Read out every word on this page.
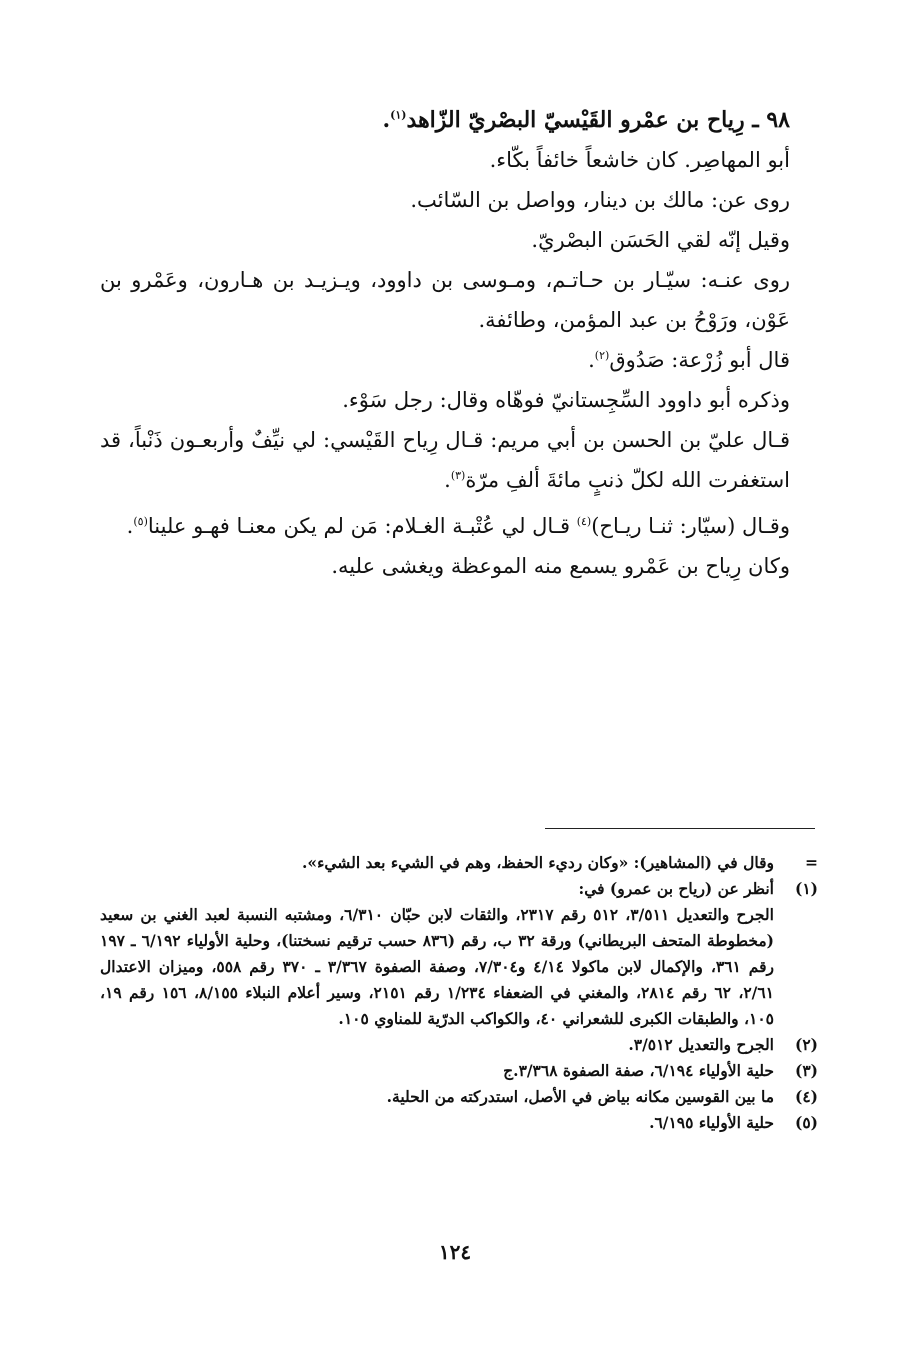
٩٨ ـ رِياح بن عمْرو القَيْسيّ البصْريّ الزّاهد$^{(١)}$.

أبو المهاصِر. كان خاشعاً خائفاً بكّاء.

روى عن: مالك بن دينار، وواصل بن السّائب.

وقيل إنّه لقي الحَسَن البصْريّ.

روى عنـه: سيّـار بن حـاتـم، ومـوسى بن داوود، ويـزيـد بن هـارون، وعَمْرو بن عَوْن، ورَوْحُ بن عبد المؤمن، وطائفة.

قال أبو زُرْعة: صَدُوق$^{(٢)}$.

وذكره أبو داوود السِّجِستانيّ فوهّاه وقال: رجل سَوْء.

قـال عليّ بن الحسن بن أبي مريم: قـال رِياح القَيْسي: لي نيِّفٌ وأربعـون ذَنْباً، قد استغفرت الله لكلّ ذنبٍ مائةَ ألفِ مرّة$^{(٣)}$.

وقـال (سيّار: ثنـا ريـاح)$^{(٤)}$ قـال لي عُتْبـة الغـلام: مَن لم يكن معنـا فهـو علينا$^{(٥)}$.

وكان رِياح بن عَمْرو يسمع منه الموعظة ويغشى عليه.

=
وقال في (المشاهير): «وكان رديء الحفظ، وهم في الشيء بعد الشيء».
(١)
أنظر عن (رياح بن عمرو) في:
الجرح والتعديل ٣/٥١١، ٥١٢ رقم ٢٣١٧، والثقات لابن حبّان ٦/٣١٠، ومشتبه النسبة لعبد الغني بن سعيد (مخطوطة المتحف البريطاني) ورقة ٣٢ ب، رقم (٨٣٦ حسب ترقيم نسختنا)، وحلية الأولياء ٦/١٩٢ ـ ١٩٧ رقم ٣٦١، والإكمال لابن ماكولا ٤/١٤ و٧/٣٠٤، وصفة الصفوة ٣/٣٦٧ ـ ٣٧٠ رقم ٥٥٨، وميزان الاعتدال ٢/٦١، ٦٢ رقم ٢٨١٤، والمغني في الضعفاء ١/٢٣٤ رقم ٢١٥١، وسير أعلام النبلاء ٨/١٥٥، ١٥٦ رقم ١٩، ١٠٥، والطبقات الكبرى للشعراني ٤٠، والكواكب الدرّية للمناوي ١٠٥.
(٢)
الجرح والتعديل ٣/٥١٢.
(٣)
حلية الأولياء ٦/١٩٤، صفة الصفوة ٣/٣٦٨.ج
(٤)
ما بين القوسين مكانه بياض في الأصل، استدركته من الحلية.
(٥)
حلية الأولياء ٦/١٩٥.
١٢٤
